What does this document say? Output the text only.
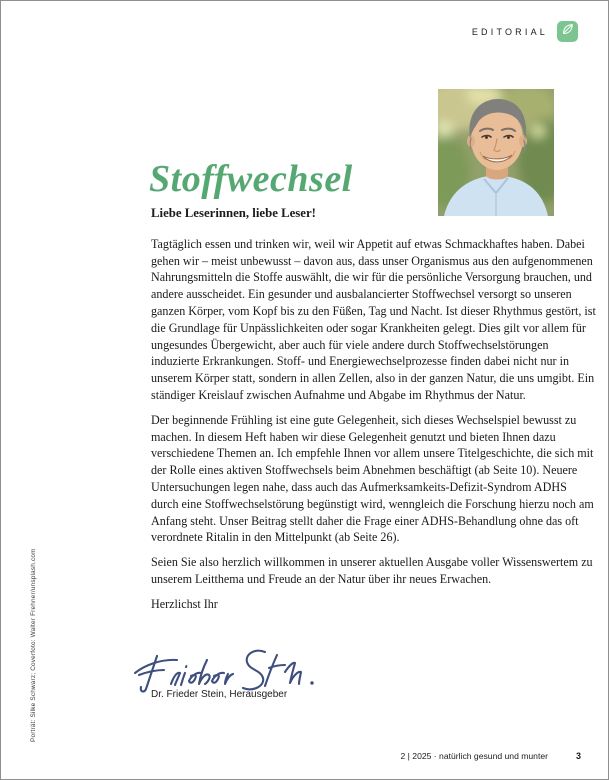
EDITORIAL
Stoffwechsel

Liebe Leserinnen, liebe Leser!

Tagtäglich essen und trinken wir, weil wir Appetit auf etwas Schmackhaftes haben. Dabei gehen wir – meist unbewusst – davon aus, dass unser Organismus aus den aufgenommenen Nahrungsmitteln die Stoffe auswählt, die wir für die persönliche Versorgung brauchen, und andere ausscheidet. Ein gesunder und ausbalancierter Stoffwechsel versorgt so unseren ganzen Körper, vom Kopf bis zu den Füßen, Tag und Nacht. Ist dieser Rhythmus gestört, ist die Grundlage für Unpässlichkeiten oder sogar Krankheiten gelegt. Dies gilt vor allem für ungesundes Übergewicht, aber auch für viele andere durch Stoffwechselstörungen induzierte Erkrankungen. Stoff- und Energiewechselprozesse finden dabei nicht nur in unserem Körper statt, sondern in allen Zellen, also in der ganzen Natur, die uns umgibt. Ein ständiger Kreislauf zwischen Aufnahme und Abgabe im Rhythmus der Natur.

Der beginnende Frühling ist eine gute Gelegenheit, sich dieses Wechselspiel bewusst zu machen. In diesem Heft haben wir diese Gelegenheit genutzt und bieten Ihnen dazu verschiedene Themen an. Ich empfehle Ihnen vor allem unsere Titelgeschichte, die sich mit der Rolle eines aktiven Stoffwechsels beim Abnehmen beschäftigt (ab Seite 10). Neuere Untersuchungen legen nahe, dass auch das Aufmerksamkeits-Defizit-Syndrom ADHS durch eine Stoffwechselstörung begünstigt wird, wenngleich die Forschung hierzu noch am Anfang steht. Unser Beitrag stellt daher die Frage einer ADHS-Behandlung ohne das oft verordnete Ritalin in den Mittelpunkt (ab Seite 26).

Seien Sie also herzlich willkommen in unserer aktuellen Ausgabe voller Wissenswertem zu unserem Leitthema und Freude an der Natur über ihr neues Erwachen.

Herzlichst Ihr

Dr. Frieder Stein, Herausgeber
Porträt: Silke Schwarz; Coverfoto: Walter Frehner/unsplash.com
2 | 2025 · natürlich gesund und munter	3
